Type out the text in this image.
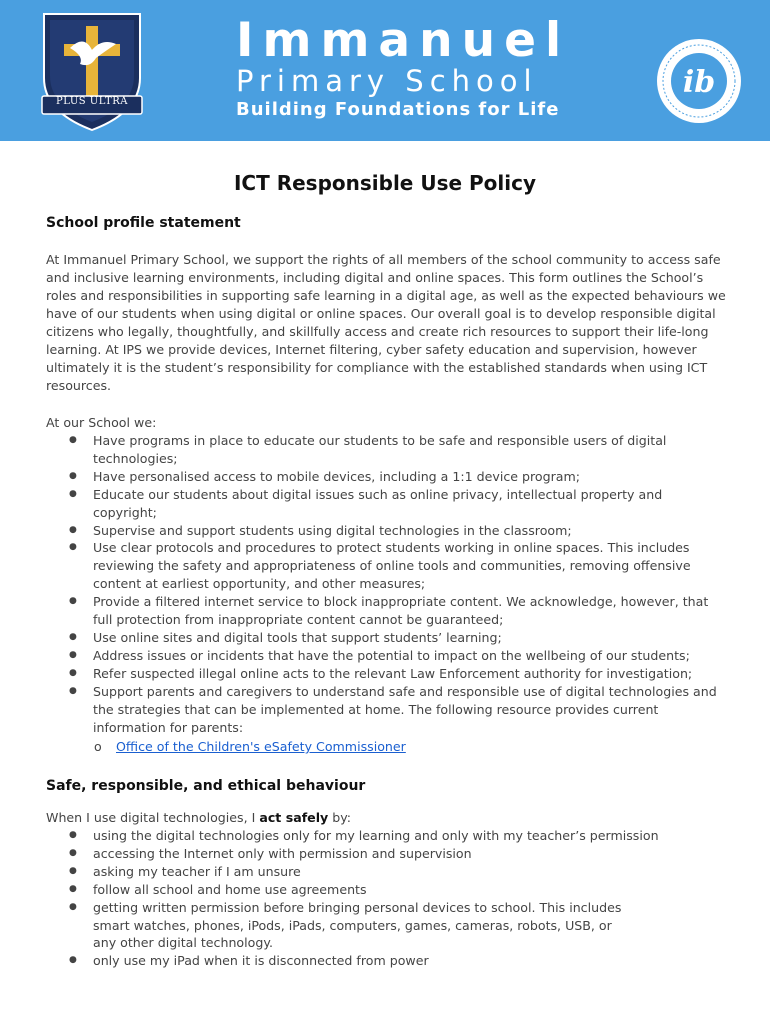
PLUS ULTRA
Immanuel
Primary School
Building Foundations for Life
ib
ICT Responsible Use Policy
School profile statement

At Immanuel Primary School, we support the rights of all members of the school community to access safe and inclusive learning environments, including digital and online spaces. This form outlines the School’s roles and responsibilities in supporting safe learning in a digital age, as well as the expected behaviours we have of our students when using digital or online spaces. Our overall goal is to develop responsible digital citizens who legally, thoughtfully, and skillfully access and create rich resources to support their life-long learning. At IPS we provide devices, Internet filtering, cyber safety education and supervision, however ultimately it is the student’s responsibility for compliance with the established standards when using ICT resources.

At our School we:
● Have programs in place to educate our students to be safe and responsible users of digital technologies;
● Have personalised access to mobile devices, including a 1:1 device program;
● Educate our students about digital issues such as online privacy, intellectual property and copyright;
● Supervise and support students using digital technologies in the classroom;
● Use clear protocols and procedures to protect students working in online spaces. This includes reviewing the safety and appropriateness of online tools and communities, removing offensive content at earliest opportunity, and other measures;
● Provide a filtered internet service to block inappropriate content. We acknowledge, however, that full protection from inappropriate content cannot be guaranteed;
● Use online sites and digital tools that support students’ learning;
● Address issues or incidents that have the potential to impact on the wellbeing of our students;
● Refer suspected illegal online acts to the relevant Law Enforcement authority for investigation;
● Support parents and caregivers to understand safe and responsible use of digital technologies and the strategies that can be implemented at home. The following resource provides current information for parents:
o Office of the Children's eSafety Commissioner
Safe, responsible, and ethical behaviour
When I use digital technologies, I act safely by:
● using the digital technologies only for my learning and only with my teacher’s permission
● accessing the Internet only with permission and supervision
● asking my teacher if I am unsure
● follow all school and home use agreements
● getting written permission before bringing personal devices to school. This includes smart watches, phones, iPods, iPads, computers, games, cameras, robots, USB, or any other digital technology.
● only use my iPad when it is disconnected from power
